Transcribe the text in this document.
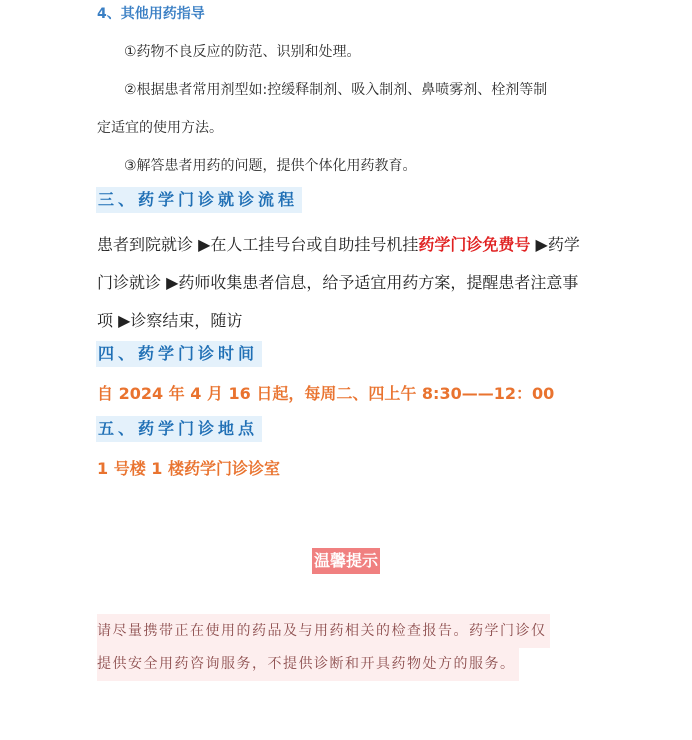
4、其他用药指导
①药物不良反应的防范、识别和处理。
②根据患者常用剂型如:控缓释制剂、吸入制剂、鼻喷雾剂、栓剂等制
定适宜的使用方法。
③解答患者用药的问题，提供个体化用药教育。
三、药学门诊就诊流程
患者到院就诊 ▶在人工挂号台或自助挂号机挂药学门诊免费号 ▶药学
门诊就诊 ▶药师收集患者信息，给予适宜用药方案，提醒患者注意事
项 ▶诊察结束，随访
四、药学门诊时间
自 2024 年 4 月 16 日起，每周二、四上午 8:30——12：00
五、药学门诊地点
1 号楼 1 楼药学门诊诊室
温馨提示
请尽量携带正在使用的药品及与用药相关的检查报告。药学门诊仅
提供安全用药咨询服务，不提供诊断和开具药物处方的服务。
